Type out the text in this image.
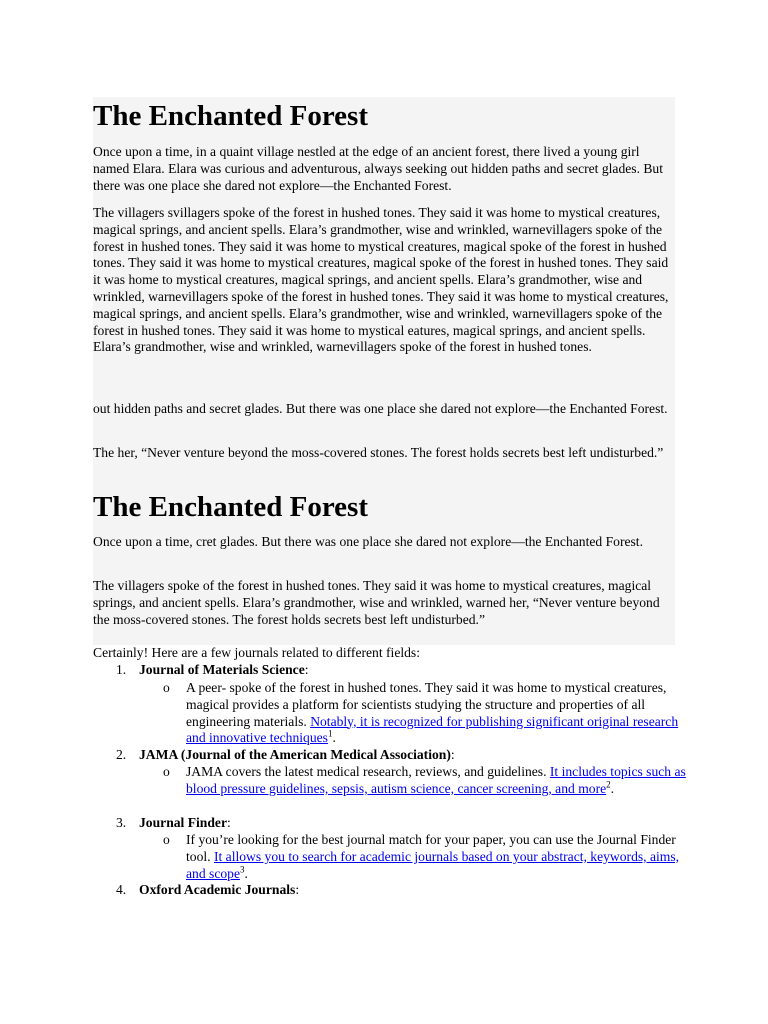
The Enchanted Forest

Once upon a time, in a quaint village nestled at the edge of an ancient forest, there lived a young girl named Elara. Elara was curious and adventurous, always seeking out hidden paths and secret glades. But there was one place she dared not explore—the Enchanted Forest.

The villagers svillagers spoke of the forest in hushed tones. They said it was home to mystical creatures, magical springs, and ancient spells. Elara’s grandmother, wise and wrinkled, warnevillagers spoke of the forest in hushed tones. They said it was home to mystical creatures, magical spoke of the forest in hushed tones. They said it was home to mystical creatures, magical spoke of the forest in hushed tones. They said it was home to mystical creatures, magical springs, and ancient spells. Elara’s grandmother, wise and wrinkled, warnevillagers spoke of the forest in hushed tones. They said it was home to mystical creatures, magical springs, and ancient spells. Elara’s grandmother, wise and wrinkled, warnevillagers spoke of the forest in hushed tones. They said it was home to mystical eatures, magical springs, and ancient spells. Elara’s grandmother, wise and wrinkled, warnevillagers spoke of the forest in hushed tones.

out hidden paths and secret glades. But there was one place she dared not explore—the Enchanted Forest.

The her, “Never venture beyond the moss-covered stones. The forest holds secrets best left undisturbed.”

The Enchanted Forest

Once upon a time, cret glades. But there was one place she dared not explore—the Enchanted Forest.

The villagers spoke of the forest in hushed tones. They said it was home to mystical creatures, magical springs, and ancient spells. Elara’s grandmother, wise and wrinkled, warned her, “Never venture beyond the moss-covered stones. The forest holds secrets best left undisturbed.”

Certainly! Here are a few journals related to different fields:

1. Journal of Materials Science:
o A peer- spoke of the forest in hushed tones. They said it was home to mystical creatures, magical provides a platform for scientists studying the structure and properties of all engineering materials. Notably, it is recognized for publishing significant original research and innovative techniques$^1$.
2. JAMA (Journal of the American Medical Association):
o JAMA covers the latest medical research, reviews, and guidelines. It includes topics such as blood pressure guidelines, sepsis, autism science, cancer screening, and more$^2$.
3. Journal Finder:
o If you’re looking for the best journal match for your paper, you can use the Journal Finder tool. It allows you to search for academic journals based on your abstract, keywords, aims, and scope$^3$.
4. Oxford Academic Journals:
